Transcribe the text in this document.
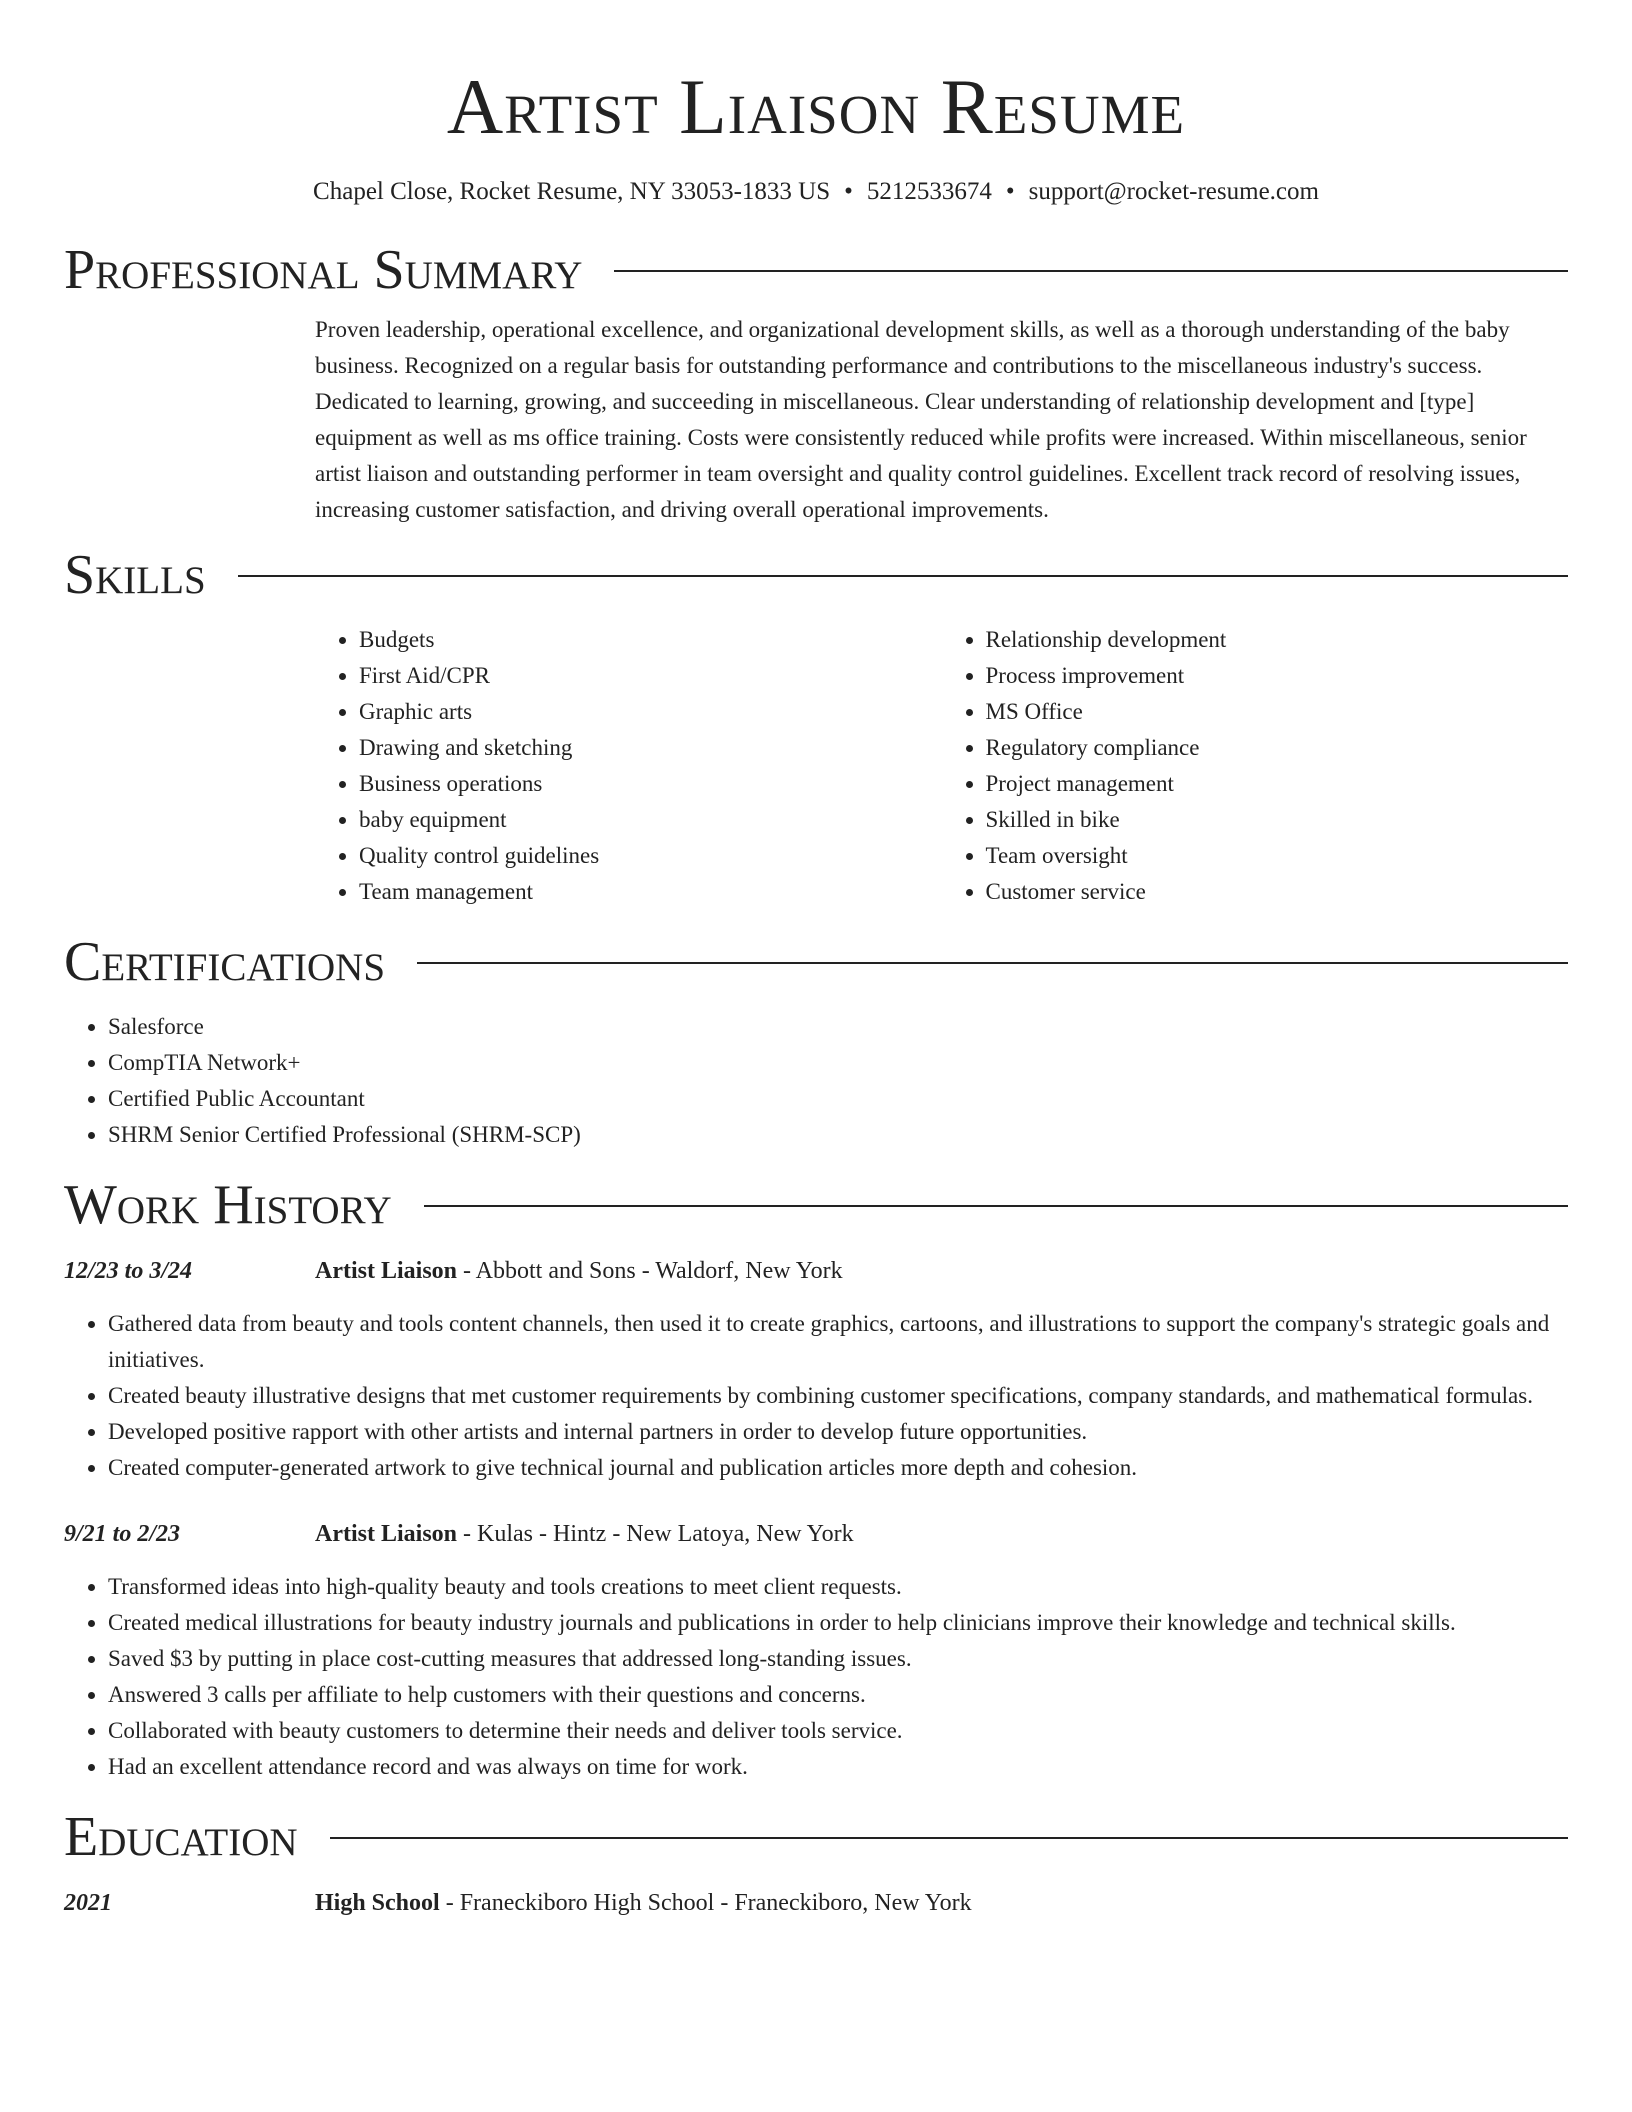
Artist Liaison Resume
Chapel Close, Rocket Resume, NY 33053-1833 US • 5212533674 • support@rocket-resume.com
Professional Summary
Proven leadership, operational excellence, and organizational development skills, as well as a thorough understanding of the baby business. Recognized on a regular basis for outstanding performance and contributions to the miscellaneous industry's success. Dedicated to learning, growing, and succeeding in miscellaneous. Clear understanding of relationship development and [type] equipment as well as ms office training. Costs were consistently reduced while profits were increased. Within miscellaneous, senior artist liaison and outstanding performer in team oversight and quality control guidelines. Excellent track record of resolving issues, increasing customer satisfaction, and driving overall operational improvements.
Skills
• Budgets
• First Aid/CPR
• Graphic arts
• Drawing and sketching
• Business operations
• baby equipment
• Quality control guidelines
• Team management
• Relationship development
• Process improvement
• MS Office
• Regulatory compliance
• Project management
• Skilled in bike
• Team oversight
• Customer service
Certifications
• Salesforce
• CompTIA Network+
• Certified Public Accountant
• SHRM Senior Certified Professional (SHRM-SCP)
Work History
12/23 to 3/24	Artist Liaison - Abbott and Sons - Waldorf, New York
• Gathered data from beauty and tools content channels, then used it to create graphics, cartoons, and illustrations to support the company's strategic goals and initiatives.
• Created beauty illustrative designs that met customer requirements by combining customer specifications, company standards, and mathematical formulas.
• Developed positive rapport with other artists and internal partners in order to develop future opportunities.
• Created computer-generated artwork to give technical journal and publication articles more depth and cohesion.
9/21 to 2/23	Artist Liaison - Kulas - Hintz - New Latoya, New York
• Transformed ideas into high-quality beauty and tools creations to meet client requests.
• Created medical illustrations for beauty industry journals and publications in order to help clinicians improve their knowledge and technical skills.
• Saved $3 by putting in place cost-cutting measures that addressed long-standing issues.
• Answered 3 calls per affiliate to help customers with their questions and concerns.
• Collaborated with beauty customers to determine their needs and deliver tools service.
• Had an excellent attendance record and was always on time for work.
Education
2021	High School - Franeckiboro High School - Franeckiboro, New York
